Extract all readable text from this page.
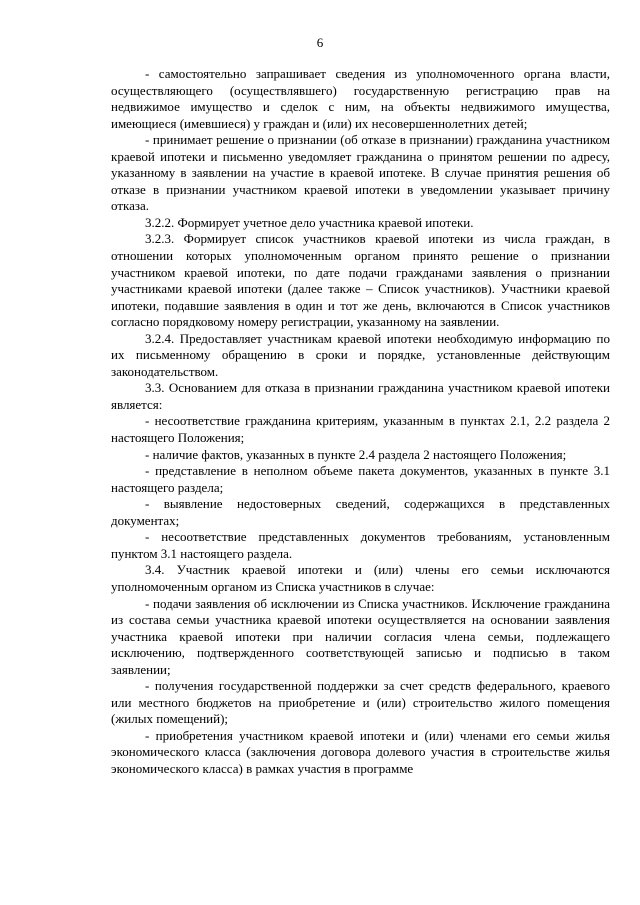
6

- самостоятельно запрашивает сведения из уполномоченного органа власти, осуществляющего (осуществлявшего) государственную регистрацию прав на недвижимое имущество и сделок с ним, на объекты недвижимого имущества, имеющиеся (имевшиеся) у граждан и (или) их несовершеннолетних детей;

- принимает решение о признании (об отказе в признании) гражданина участником краевой ипотеки и письменно уведомляет гражданина о принятом решении по адресу, указанному в заявлении на участие в краевой ипотеке. В случае принятия решения об отказе в признании участником краевой ипотеки в уведомлении указывает причину отказа.

3.2.2. Формирует учетное дело участника краевой ипотеки.

3.2.3. Формирует список участников краевой ипотеки из числа граждан, в отношении которых уполномоченным органом принято решение о признании участником краевой ипотеки, по дате подачи гражданами заявления о признании участниками краевой ипотеки (далее также – Список участников). Участники краевой ипотеки, подавшие заявления в один и тот же день, включаются в Список участников согласно порядковому номеру регистрации, указанному на заявлении.

3.2.4. Предоставляет участникам краевой ипотеки необходимую информацию по их письменному обращению в сроки и порядке, установленные действующим законодательством.

3.3. Основанием для отказа в признании гражданина участником краевой ипотеки является:

- несоответствие гражданина критериям, указанным в пунктах 2.1, 2.2 раздела 2 настоящего Положения;

- наличие фактов, указанных в пункте 2.4 раздела 2 настоящего Положения;

- представление в неполном объеме пакета документов, указанных в пункте 3.1 настоящего раздела;

- выявление недостоверных сведений, содержащихся в представленных документах;

- несоответствие представленных документов требованиям, установленным пунктом 3.1 настоящего раздела.

3.4. Участник краевой ипотеки и (или) члены его семьи исключаются уполномоченным органом из Списка участников в случае:

- подачи заявления об исключении из Списка участников. Исключение гражданина из состава семьи участника краевой ипотеки осуществляется на основании заявления участника краевой ипотеки при наличии согласия члена семьи, подлежащего исключению, подтвержденного соответствующей записью и подписью в таком заявлении;

- получения государственной поддержки за счет средств федерального, краевого или местного бюджетов на приобретение и (или) строительство жилого помещения (жилых помещений);

- приобретения участником краевой ипотеки и (или) членами его семьи жилья экономического класса (заключения договора долевого участия в строительстве жилья экономического класса) в рамках участия в программе
